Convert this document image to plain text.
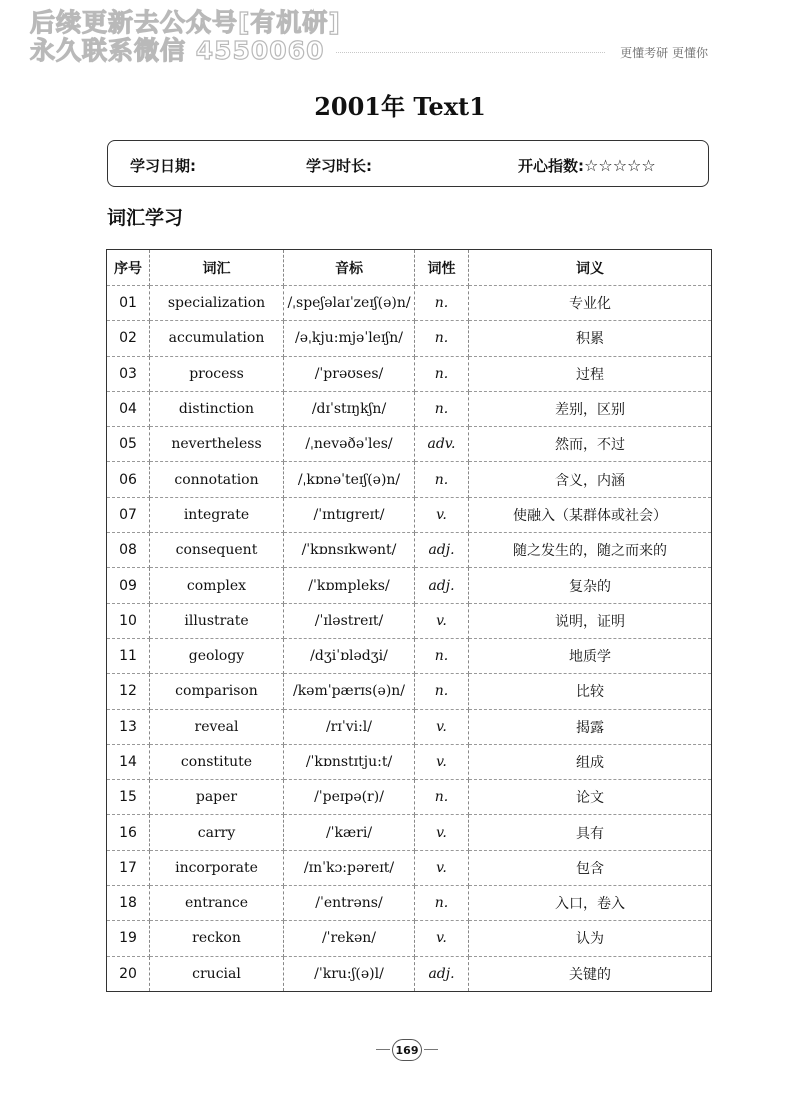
后续更新去公众号[有机研]
永久联系微信 4550060	更懂考研 更懂你
2001年 Text1
学习日期:	学习时长:	开心指数:☆☆☆☆☆
词汇学习
序号	词汇	音标	词性	词义
01	specialization	/ˌspeʃəlaɪˈzeɪʃ(ə)n/	n.	专业化
02	accumulation	/əˌkju:mjəˈleɪʃn/	n.	积累
03	process	/ˈprəʊses/	n.	过程
04	distinction	/dɪˈstɪŋkʃn/	n.	差别，区别
05	nevertheless	/ˌnevəðəˈles/	adv.	然而，不过
06	connotation	/ˌkɒnəˈteɪʃ(ə)n/	n.	含义，内涵
07	integrate	/ˈɪntɪgreɪt/	v.	使融入（某群体或社会）
08	consequent	/ˈkɒnsɪkwənt/	adj.	随之发生的，随之而来的
09	complex	/ˈkɒmpleks/	adj.	复杂的
10	illustrate	/ˈɪləstreɪt/	v.	说明，证明
11	geology	/dʒiˈɒlədʒi/	n.	地质学
12	comparison	/kəmˈpærɪs(ə)n/	n.	比较
13	reveal	/rɪˈvi:l/	v.	揭露
14	constitute	/ˈkɒnstɪtju:t/	v.	组成
15	paper	/ˈpeɪpə(r)/	n.	论文
16	carry	/ˈkæri/	v.	具有
17	incorporate	/ɪnˈkɔ:pəreɪt/	v.	包含
18	entrance	/ˈentrəns/	n.	入口，卷入
19	reckon	/ˈrekən/	v.	认为
20	crucial	/ˈkru:ʃ(ə)l/	adj.	关键的
169
